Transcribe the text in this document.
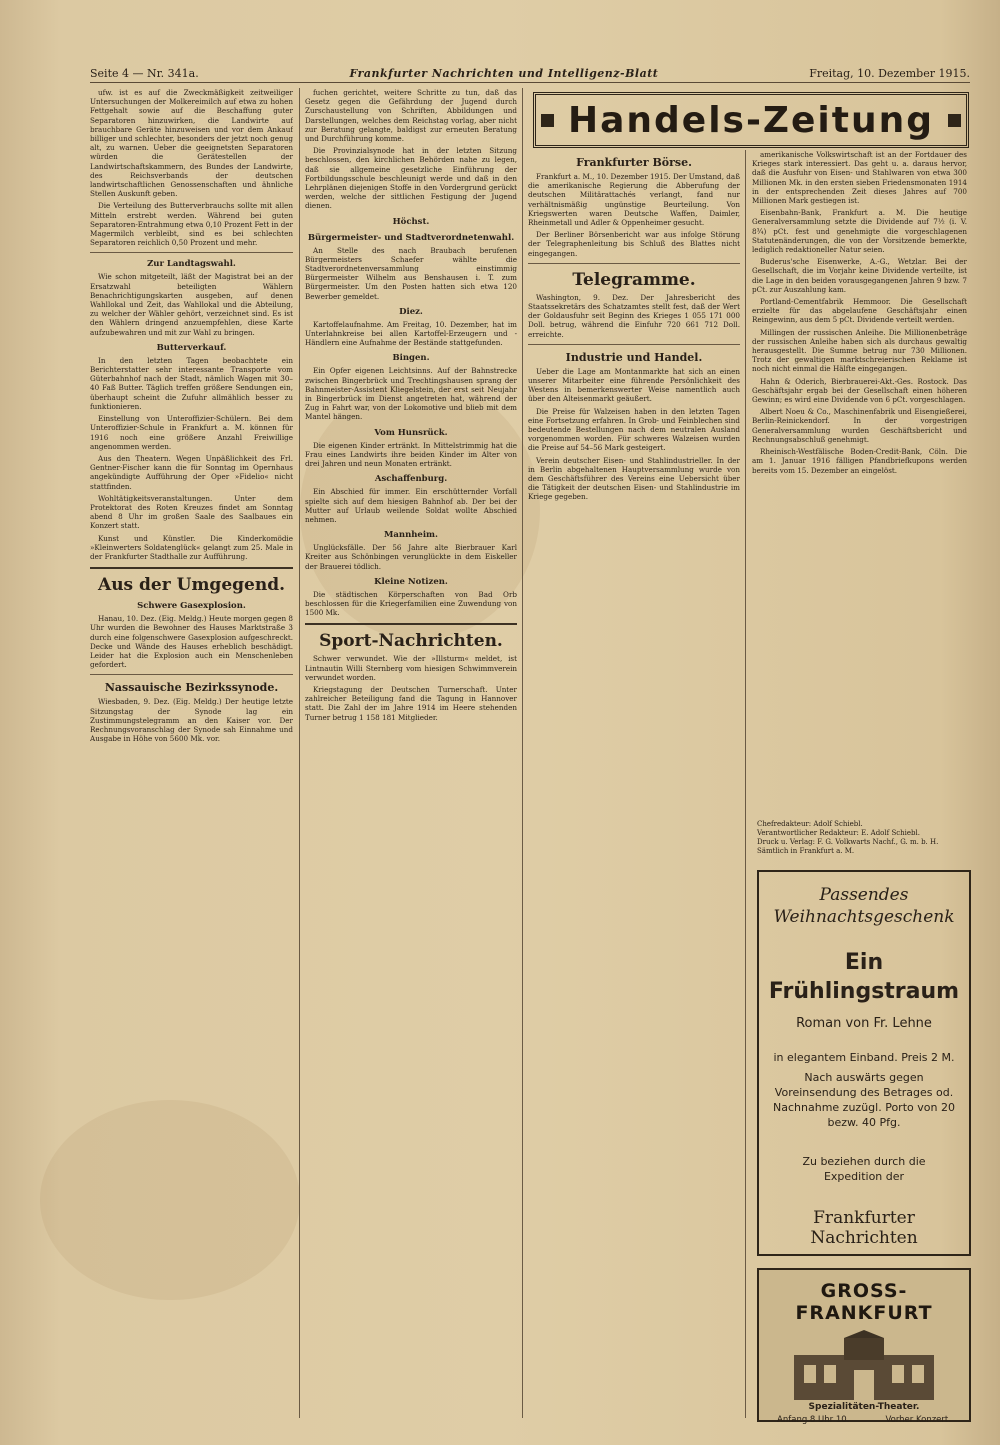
Seite 4 — Nr. 341a.	Frankfurter Nachrichten und Intelligenz-Blatt	Freitag, 10. Dezember 1915.

ufw. ist es auf die Zweckmäßigkeit zeitweiliger Untersuchungen der Molkereimilch auf etwa zu hohen Fettgehalt sowie auf die Beschaffung guter Separatoren hinzuwirken, die Landwirte auf brauchbare Geräte hinzuweisen und vor dem Ankauf billiger und schlechter, besonders der jetzt noch genug alt, zu warnen. Ueber die geeignetsten Separatoren würden die Gerätestellen der Landwirtschaftskammern, des Bundes der Landwirte, des Reichsverbands der deutschen landwirtschaftlichen Genossenschaften und ähnliche Stellen Auskunft geben.

Die Verteilung des Butterverbrauchs sollte mit allen Mitteln erstrebt werden. Während bei guten Separatoren-Entrahmung etwa 0,10 Prozent Fett in der Magermilch verbleibt, sind es bei schlechten Separatoren reichlich 0,50 Prozent und mehr.

Zur Landtagswahl.

Wie schon mitgeteilt, läßt der Magistrat bei an der Ersatzwahl beteiligten Wählern Benachrichtigungskarten ausgeben, auf denen Wahllokal und Zeit, das Wahllokal und die Abteilung, zu welcher der Wähler gehört, verzeichnet sind. Es ist den Wählern dringend anzuempfehlen, diese Karte aufzubewahren und mit zur Wahl zu bringen.

Butterverkauf.

In den letzten Tagen beobachtete ein Berichterstatter sehr interessante Transporte vom Güterbahnhof nach der Stadt, nämlich Wagen mit 30–40 Faß Butter. Täglich treffen größere Sendungen ein, überhaupt scheint die Zufuhr allmählich besser zu funktionieren.

Einstellung von Unteroffizier-Schülern. Bei dem Unteroffizier-Schule in Frankfurt a. M. können für 1916 noch eine größere Anzahl Freiwillige angenommen werden.

Aus den Theatern. Wegen Unpäßlichkeit des Frl. Gentner-Fischer kann die für Sonntag im Opernhaus angekündigte Aufführung der Oper »Fidelio« nicht stattfinden.

Wohltätigkeitsveranstaltungen. Unter dem Protektorat des Roten Kreuzes findet am Sonntag abend 8 Uhr im großen Saale des Saalbaues ein Konzert statt.

Kunst und Künstler. Die Kinderkomödie »Kleinwerters Soldatenglück« gelangt zum 25. Male in der Frankfurter Stadthalle zur Aufführung.

Aus der Umgegend.
Schwere Gasexplosion.

Hanau, 10. Dez. (Eig. Meldg.) Heute morgen gegen 8 Uhr wurden die Bewohner des Hauses Marktstraße 3 durch eine folgenschwere Gasexplosion aufgeschreckt. Decke und Wände des Hauses erheblich beschädigt. Leider hat die Explosion auch ein Menschenleben gefordert.

Nassauische Bezirkssynode.

Wiesbaden, 9. Dez. (Eig. Meldg.) Der heutige letzte Sitzungstag der Synode lag ein Zustimmungstelegramm an den Kaiser vor. Der Rechnungsvoranschlag der Synode sah Einnahme und Ausgabe in Höhe von 5600 Mk. vor.

fuchen gerichtet, weitere Schritte zu tun, daß das Gesetz gegen die Gefährdung der Jugend durch Zurschaustellung von Schriften, Abbildungen und Darstellungen, welches dem Reichstag vorlag, aber nicht zur Beratung gelangte, baldigst zur erneuten Beratung und Durchführung komme.

Die Provinzialsynode hat in der letzten Sitzung beschlossen, den kirchlichen Behörden nahe zu legen, daß sie allgemeine gesetzliche Einführung der Fortbildungsschule beschleunigt werde und daß in den Lehrplänen diejenigen Stoffe in den Vordergrund gerückt werden, welche der sittlichen Festigung der Jugend dienen.

Höchst.
Bürgermeister- und Stadtverordnetenwahl.

An Stelle des nach Braubach berufenen Bürgermeisters Schaefer wählte die Stadtverordnetenversammlung einstimmig Bürgermeister Wilhelm aus Benshausen i. T. zum Bürgermeister. Um den Posten hatten sich etwa 120 Bewerber gemeldet.

Diez.

Kartoffelaufnahme. Am Freitag, 10. Dezember, hat im Unterlahnkreise bei allen Kartoffel-Erzeugern und -Händlern eine Aufnahme der Bestände stattgefunden.

Bingen.

Ein Opfer eigenen Leichtsinns. Auf der Bahnstrecke zwischen Bingerbrück und Trechtingshausen sprang der Bahnmeister-Assistent Kliegelstein, der erst seit Neujahr in Bingerbrück im Dienst angetreten hat, während der Zug in Fahrt war, von der Lokomotive und blieb mit dem Mantel hängen.

Vom Hunsrück.

Die eigenen Kinder ertränkt. In Mittelstrimmig hat die Frau eines Landwirts ihre beiden Kinder im Alter von drei Jahren und neun Monaten ertränkt.

Aschaffenburg.

Ein Abschied für immer. Ein erschütternder Vorfall spielte sich auf dem hiesigen Bahnhof ab. Der bei der Mutter auf Urlaub weilende Soldat wollte Abschied nehmen.

Mannheim.

Unglücksfälle. Der 56 Jahre alte Bierbrauer Karl Kreiter aus Schönbingen verunglückte in dem Eiskeller der Brauerei tödlich.

Kleine Notizen.

Die städtischen Körperschaften von Bad Orb beschlossen für die Kriegerfamilien eine Zuwendung von 1500 Mk.

Sport-Nachrichten.

Schwer verwundet. Wie der »Illsturm« meldet, ist Lintnautin Willi Sternberg vom hiesigen Schwimmverein verwundet worden.

Kriegstagung der Deutschen Turnerschaft. Unter zahlreicher Beteiligung fand die Tagung in Hannover statt. Die Zahl der im Jahre 1914 im Heere stehenden Turner betrug 1 158 181 Mitglieder.

Handels-Zeitung
Frankfurter Börse.

Frankfurt a. M., 10. Dezember 1915. Der Umstand, daß die amerikanische Regierung die Abberufung der deutschen Militärattachés verlangt, fand nur verhältnismäßig ungünstige Beurteilung. Von Kriegswerten waren Deutsche Waffen, Daimler, Rheinmetall und Adler & Oppenheimer gesucht.

Der Berliner Börsenbericht war aus infolge Störung der Telegraphenleitung bis Schluß des Blattes nicht eingegangen.

Telegramme.

Washington, 9. Dez. Der Jahresbericht des Staatssekretärs des Schatzamtes stellt fest, daß der Wert der Goldausfuhr seit Beginn des Krieges 1 055 171 000 Doll. betrug, während die Einfuhr 720 661 712 Doll. erreichte.

Industrie und Handel.

Ueber die Lage am Montanmarkte hat sich an einen unserer Mitarbeiter eine führende Persönlichkeit des Westens in bemerkenswerter Weise namentlich auch über den Alteisenmarkt geäußert.

Die Preise für Walzeisen haben in den letzten Tagen eine Fortsetzung erfahren. In Grob- und Feinblechen sind bedeutende Bestellungen nach dem neutralen Ausland vorgenommen worden. Für schweres Walzeisen wurden die Preise auf 54–56 Mark gesteigert.

Verein deutscher Eisen- und Stahlindustrieller. In der in Berlin abgehaltenen Hauptversammlung wurde von dem Geschäftsführer des Vereins eine Uebersicht über die Tätigkeit der deutschen Eisen- und Stahlindustrie im Kriege gegeben.

amerikanische Volkswirtschaft ist an der Fortdauer des Krieges stark interessiert. Das geht u. a. daraus hervor, daß die Ausfuhr von Eisen- und Stahlwaren von etwa 300 Millionen Mk. in den ersten sieben Friedensmonaten 1914 in der entsprechenden Zeit dieses Jahres auf 700 Millionen Mark gestiegen ist.

Eisenbahn-Bank, Frankfurt a. M. Die heutige Generalversammlung setzte die Dividende auf 7½ (i. V. 8¾) pCt. fest und genehmigte die vorgeschlagenen Statutenänderungen, die von der Vorsitzende bemerkte, lediglich redaktioneller Natur seien.

Buderus'sche Eisenwerke, A.-G., Wetzlar. Bei der Gesellschaft, die im Vorjahr keine Dividende verteilte, ist die Lage in den beiden vorausgegangenen Jahren 9 bzw. 7 pCt. zur Auszahlung kam.

Portland-Cementfabrik Hemmoor. Die Gesellschaft erzielte für das abgelaufene Geschäftsjahr einen Reingewinn, aus dem 5 pCt. Dividende verteilt werden.

Millingen der russischen Anleihe. Die Millionenbeträge der russischen Anleihe haben sich als durchaus gewaltig herausgestellt. Die Summe betrug nur 730 Millionen. Trotz der gewaltigen marktschreierischen Reklame ist noch nicht einmal die Hälfte eingegangen.

Hahn & Oderich, Bierbrauerei-Akt.-Ges. Rostock. Das Geschäftsjahr ergab bei der Gesellschaft einen höheren Gewinn; es wird eine Dividende von 6 pCt. vorgeschlagen.

Albert Noeu & Co., Maschinenfabrik und Eisengießerei, Berlin-Reinickendorf. In der vorgestrigen Generalversammlung wurden Geschäftsbericht und Rechnungsabschluß genehmigt.

Rheinisch-Westfälische Boden-Credit-Bank, Cöln. Die am 1. Januar 1916 fälligen Pfandbriefkupons werden bereits vom 15. Dezember an eingelöst.

Chefredakteur: Adolf Schiebl.
Verantwortlicher Redakteur: E. Adolf Schiebl.
Druck u. Verlag: F. G. Volkwarts Nachf., G. m. b. H. Sämtlich in Frankfurt a. M.
Passendes Weihnachtsgeschenk
Ein
Frühlingstraum
Roman von Fr. Lehne
in elegantem Einband. Preis 2 M.
Nach auswärts gegen Voreinsendung des Betrages od. Nachnahme zuzügl. Porto von 20 bezw. 40 Pfg.
Zu beziehen durch die Expedition der
Frankfurter Nachrichten
GROSS-FRANKFURT
Spezialitäten-Theater.
Anfang 8 Uhr 10.	Vorher Konzert.
